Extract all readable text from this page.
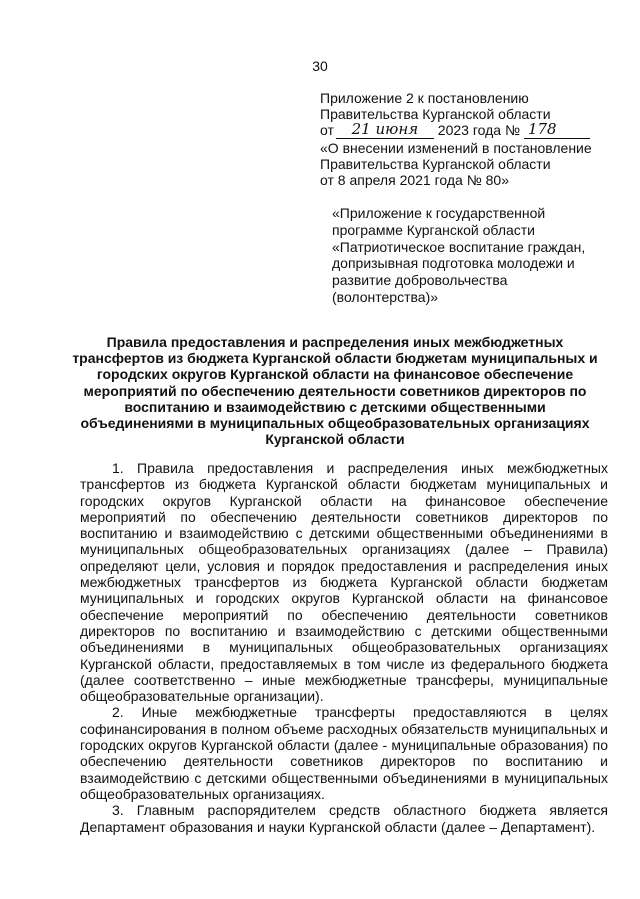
30
Приложение 2 к постановлению
Правительства Курганской области
от 21 июня 2023 года № 178
«О внесении изменений в постановление
Правительства Курганской области
от 8 апреля 2021 года № 80»
«Приложение к государственной
программе Курганской области
«Патриотическое воспитание граждан,
допризывная подготовка молодежи и
развитие добровольчества
(волонтерства)»
Правила предоставления и распределения иных межбюджетных трансфертов из бюджета Курганской области бюджетам муниципальных и городских округов Курганской области на финансовое обеспечение мероприятий по обеспечению деятельности советников директоров по воспитанию и взаимодействию с детскими общественными объединениями в муниципальных общеобразовательных организациях Курганской области

1. Правила предоставления и распределения иных межбюджетных трансфертов из бюджета Курганской области бюджетам муниципальных и городских округов Курганской области на финансовое обеспечение мероприятий по обеспечению деятельности советников директоров по воспитанию и взаимодействию с детскими общественными объединениями в муниципальных общеобразовательных организациях (далее – Правила) определяют цели, условия и порядок предоставления и распределения иных межбюджетных трансфертов из бюджета Курганской области бюджетам муниципальных и городских округов Курганской области на финансовое обеспечение мероприятий по обеспечению деятельности советников директоров по воспитанию и взаимодействию с детскими общественными объединениями в муниципальных общеобразовательных организациях Курганской области, предоставляемых в том числе из федерального бюджета (далее соответственно – иные межбюджетные трансферы, муниципальные общеобразовательные организации).

2. Иные межбюджетные трансферты предоставляются в целях софинансирования в полном объеме расходных обязательств муниципальных и городских округов Курганской области (далее - муниципальные образования) по обеспечению деятельности советников директоров по воспитанию и взаимодействию с детскими общественными объединениями в муниципальных общеобразовательных организациях.

3. Главным распорядителем средств областного бюджета является Департамент образования и науки Курганской области (далее – Департамент).
